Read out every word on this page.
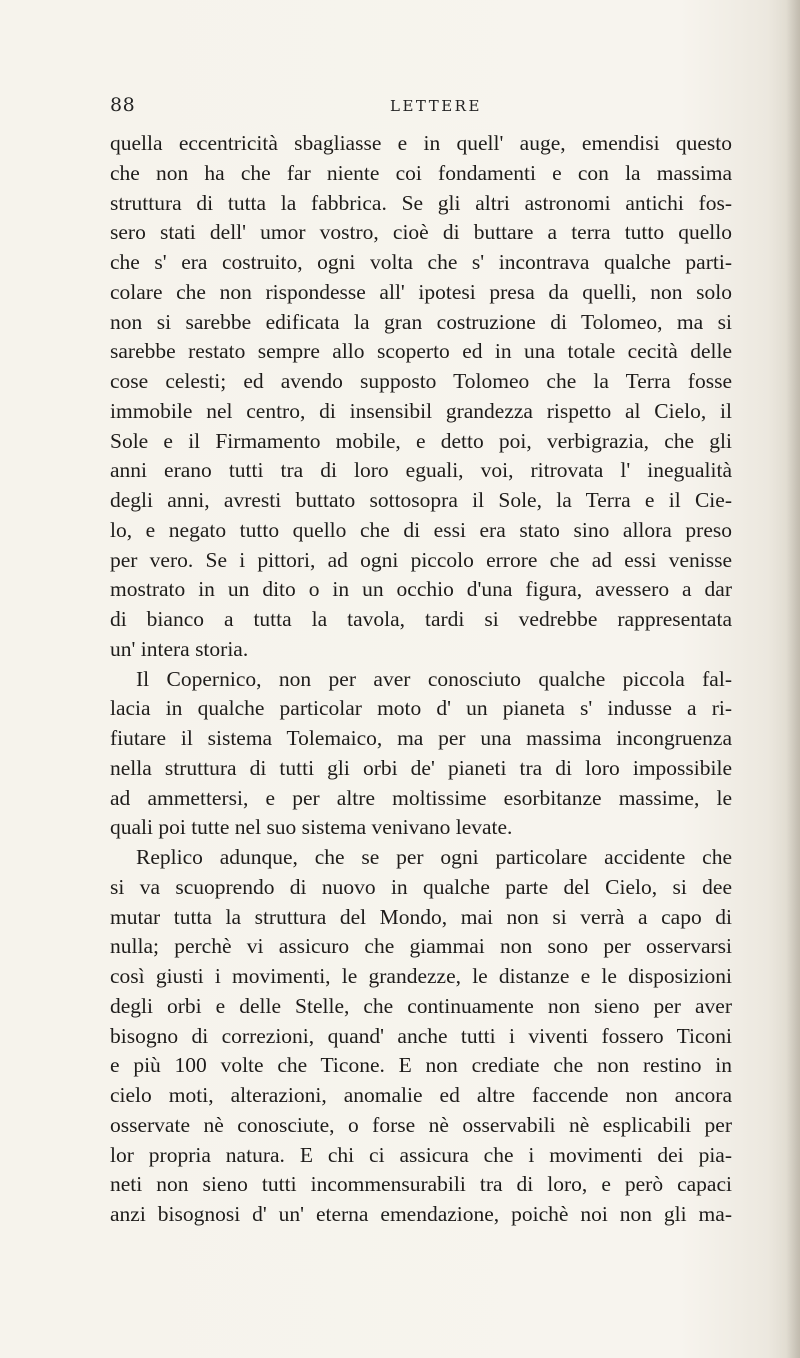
88	LETTERE
quella eccentricità sbagliasse e in quell' auge, emendisi questo
che non ha che far niente coi fondamenti e con la massima
struttura di tutta la fabbrica. Se gli altri astronomi antichi fos-
sero stati dell' umor vostro, cioè di buttare a terra tutto quello
che s' era costruito, ogni volta che s' incontrava qualche parti-
colare che non rispondesse all' ipotesi presa da quelli, non solo
non si sarebbe edificata la gran costruzione di Tolomeo, ma si
sarebbe restato sempre allo scoperto ed in una totale cecità delle
cose celesti; ed avendo supposto Tolomeo che la Terra fosse
immobile nel centro, di insensibil grandezza rispetto al Cielo, il
Sole e il Firmamento mobile, e detto poi, verbigrazia, che gli
anni erano tutti tra di loro eguali, voi, ritrovata l' inegualità
degli anni, avresti buttato sottosopra il Sole, la Terra e il Cie-
lo, e negato tutto quello che di essi era stato sino allora preso
per vero. Se i pittori, ad ogni piccolo errore che ad essi venisse
mostrato in un dito o in un occhio d'una figura, avessero a dar
di bianco a tutta la tavola, tardi si vedrebbe rappresentata
un' intera storia.
Il Copernico, non per aver conosciuto qualche piccola fal-
lacia in qualche particolar moto d' un pianeta s' indusse a ri-
fiutare il sistema Tolemaico, ma per una massima incongruenza
nella struttura di tutti gli orbi de' pianeti tra di loro impossibile
ad ammettersi, e per altre moltissime esorbitanze massime, le
quali poi tutte nel suo sistema venivano levate.
Replico adunque, che se per ogni particolare accidente che
si va scuoprendo di nuovo in qualche parte del Cielo, si dee
mutar tutta la struttura del Mondo, mai non si verrà a capo di
nulla; perchè vi assicuro che giammai non sono per osservarsi
così giusti i movimenti, le grandezze, le distanze e le disposizioni
degli orbi e delle Stelle, che continuamente non sieno per aver
bisogno di correzioni, quand' anche tutti i viventi fossero Ticoni
e più 100 volte che Ticone. E non crediate che non restino in
cielo moti, alterazioni, anomalie ed altre faccende non ancora
osservate nè conosciute, o forse nè osservabili nè esplicabili per
lor propria natura. E chi ci assicura che i movimenti dei pia-
neti non sieno tutti incommensurabili tra di loro, e però capaci
anzi bisognosi d' un' eterna emendazione, poichè noi non gli ma-
